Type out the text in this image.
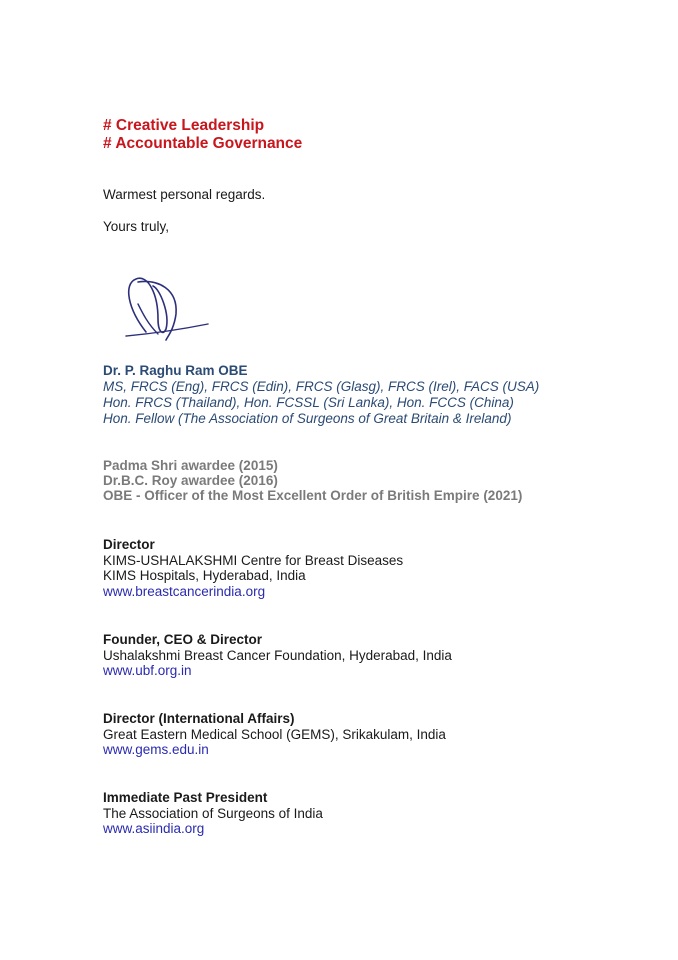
# Creative Leadership
# Accountable Governance
Warmest personal regards.
Yours truly,
Dr. P. Raghu Ram OBE
MS, FRCS (Eng), FRCS (Edin), FRCS (Glasg), FRCS (Irel), FACS (USA)
Hon. FRCS (Thailand), Hon. FCSSL (Sri Lanka), Hon. FCCS (China)
Hon. Fellow (The Association of Surgeons of Great Britain & Ireland)
Padma Shri awardee (2015)
Dr.B.C. Roy awardee (2016)
OBE - Officer of the Most Excellent Order of British Empire (2021)
Director
KIMS-USHALAKSHMI Centre for Breast Diseases
KIMS Hospitals, Hyderabad, India
www.breastcancerindia.org
Founder, CEO & Director
Ushalakshmi Breast Cancer Foundation, Hyderabad, India
www.ubf.org.in
Director (International Affairs)
Great Eastern Medical School (GEMS), Srikakulam, India
www.gems.edu.in
Immediate Past President
The Association of Surgeons of India
www.asiindia.org
